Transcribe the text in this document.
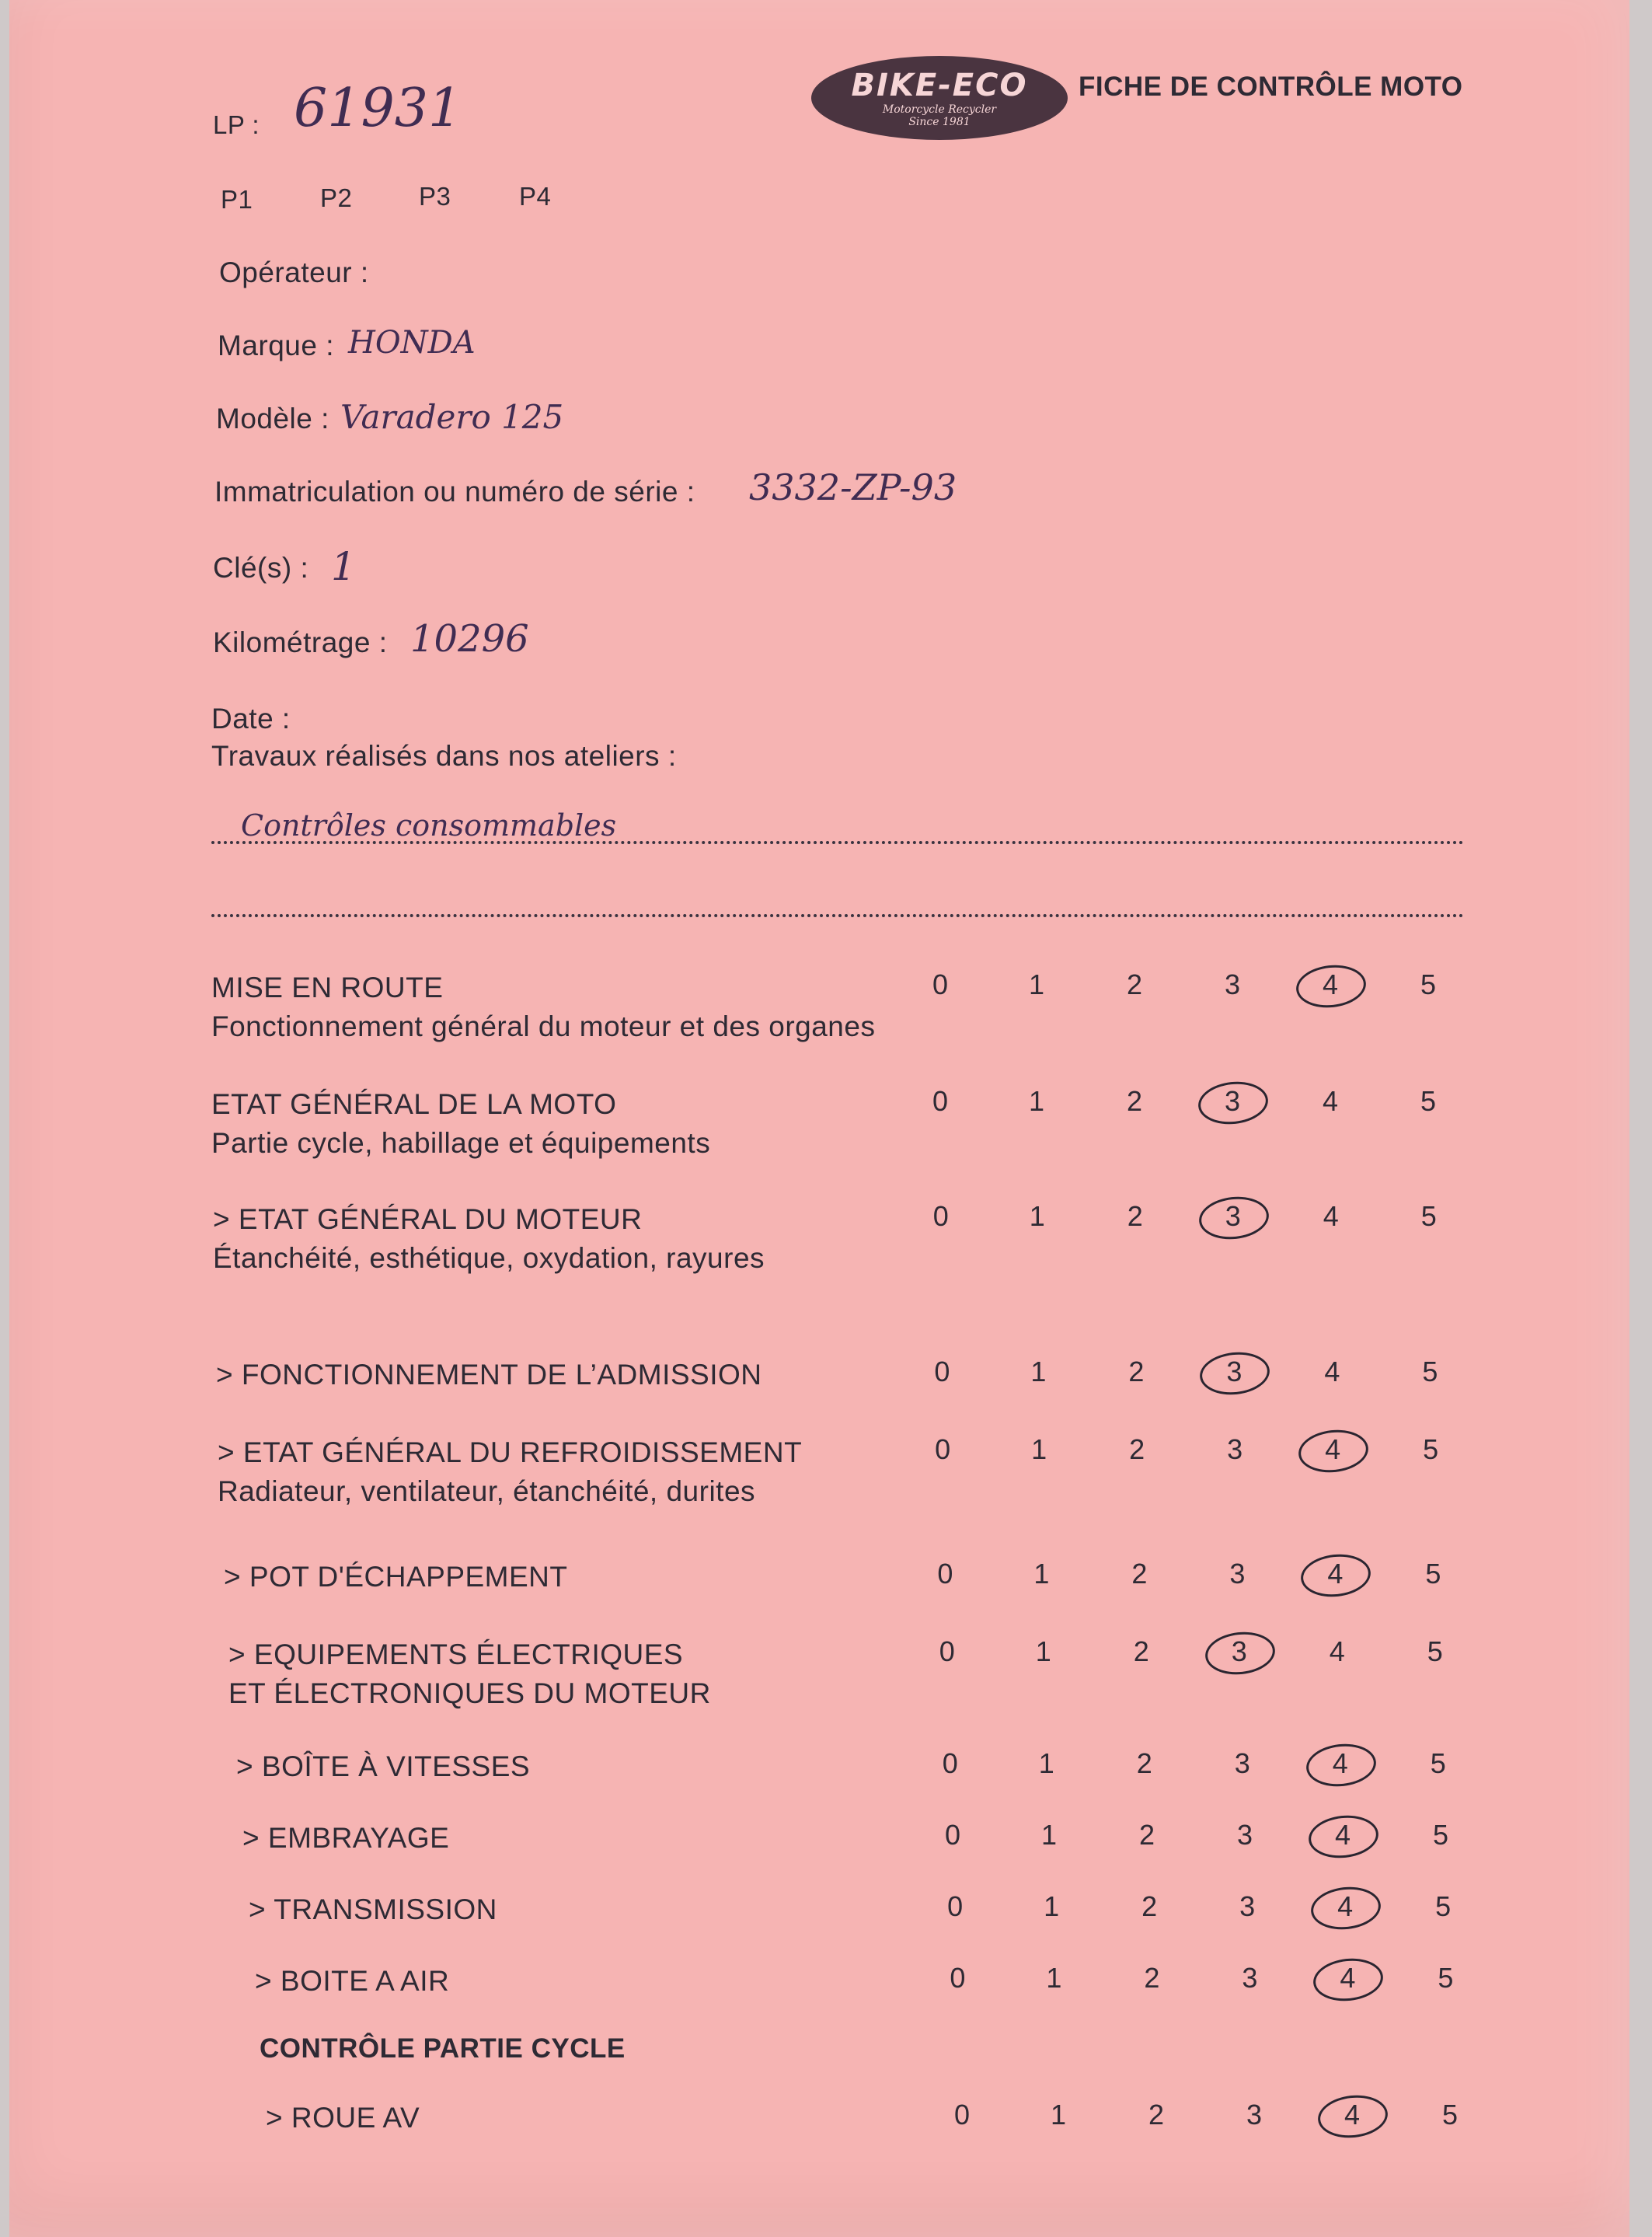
BIKE-ECO
Motorcycle Recycler
Since 1981
FICHE DE CONTRÔLE MOTO
LP : 61931
P1	P2	P3	P4
Opérateur :
Marque : HONDA
Modèle : Varadero 125
Immatriculation ou numéro de série : 3332-ZP-93
Clé(s) : 1
Kilométrage : 10296
Date :
Travaux réalisés dans nos ateliers :
Contrôles consommables
MISE EN ROUTE
Fonctionnement général du moteur et des organes
0	1	2	3	4	5
ETAT GÉNÉRAL DE LA MOTO
Partie cycle, habillage et équipements
0	1	2	3	4	5
> ETAT GÉNÉRAL DU MOTEUR
Étanchéité, esthétique, oxydation, rayures
0	1	2	3	4	5
> FONCTIONNEMENT DE L’ADMISSION	0	1	2	3	4	5
> ETAT GÉNÉRAL DU REFROIDISSEMENT
Radiateur, ventilateur, étanchéité, durites
0	1	2	3	4	5
> POT D'ÉCHAPPEMENT	0	1	2	3	4	5
> EQUIPEMENTS ÉLECTRIQUES
ET ÉLECTRONIQUES DU MOTEUR
0	1	2	3	4	5
> BOÎTE À VITESSES	0	1	2	3	4	5
> EMBRAYAGE	0	1	2	3	4	5
> TRANSMISSION	0	1	2	3	4	5
> BOITE A AIR	0	1	2	3	4	5
CONTRÔLE PARTIE CYCLE
> ROUE AV	0	1	2	3	4	5
